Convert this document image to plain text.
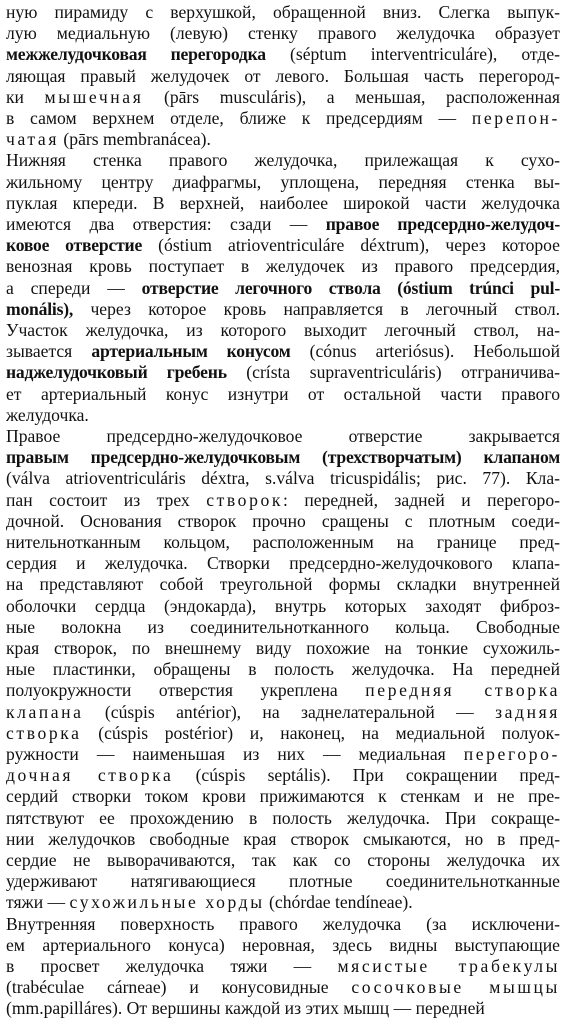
ную пирамиду с верхушкой, обращенной вниз. Слегка выпук-
лую медиальную (левую) стенку правого желудочка образует
межжелудочковая перегородка (séptum interventriculáre), отде-
ляющая правый желудочек от левого. Большая часть перегород-
ки мышечная (pārs musculáris), а меньшая, расположенная
в самом верхнем отделе, ближе к предсердиям — перепон-
чатая (pārs membranácea).
Нижняя стенка правого желудочка, прилежащая к сухо-
жильному центру диафрагмы, уплощена, передняя стенка вы-
пуклая кпереди. В верхней, наиболее широкой части желудочка
имеются два отверстия: сзади — правое предсердно-желудоч-
ковое отверстие (óstium atrioventriculáre déxtrum), через которое
венозная кровь поступает в желудочек из правого предсердия,
а спереди — отверстие легочного ствола (óstium trúnci pul-
monális), через которое кровь направляется в легочный ствол.
Участок желудочка, из которого выходит легочный ствол, на-
зывается артериальным конусом (cónus arteriósus). Небольшой
наджелудочковый гребень (crísta supraventriculáris) отграничива-
ет артериальный конус изнутри от остальной части правого
желудочка.
Правое предсердно-желудочковое отверстие закрывается
правым предсердно-желудочковым (трехстворчатым) клапаном
(válva atrioventriculáris déxtra, s.válva tricuspidális; рис. 77). Кла-
пан состоит из трех створок: передней, задней и перегоро-
дочной. Основания створок прочно сращены с плотным соеди-
нительнотканным кольцом, расположенным на границе пред-
сердия и желудочка. Створки предсердно-желудочкового клапа-
на представляют собой треугольной формы складки внутренней
оболочки сердца (эндокарда), внутрь которых заходят фиброз-
ные волокна из соединительнотканного кольца. Свободные
края створок, по внешнему виду похожие на тонкие сухожиль-
ные пластинки, обращены в полость желудочка. На передней
полуокружности отверстия укреплена передняя створка
клапана (cúspis antérior), на заднелатеральной — задняя
створка (cúspis postérior) и, наконец, на медиальной полуок-
ружности — наименьшая из них — медиальная перегоро-
дочная створка (cúspis septális). При сокращении пред-
сердий створки током крови прижимаются к стенкам и не пре-
пятствуют ее прохождению в полость желудочка. При сокраще-
нии желудочков свободные края створок смыкаются, но в пред-
сердие не выворачиваются, так как со стороны желудочка их
удерживают натягивающиеся плотные соединительнотканные
тяжи — сухожильные хорды (chórdae tendíneae).
Внутренняя поверхность правого желудочка (за исключени-
ем артериального конуса) неровная, здесь видны выступающие
в просвет желудочка тяжи — мясистые трабекулы
(trabéculae cárneae) и конусовидные сосочковые мышцы
(mm.papilláres). От вершины каждой из этих мышц — передней
